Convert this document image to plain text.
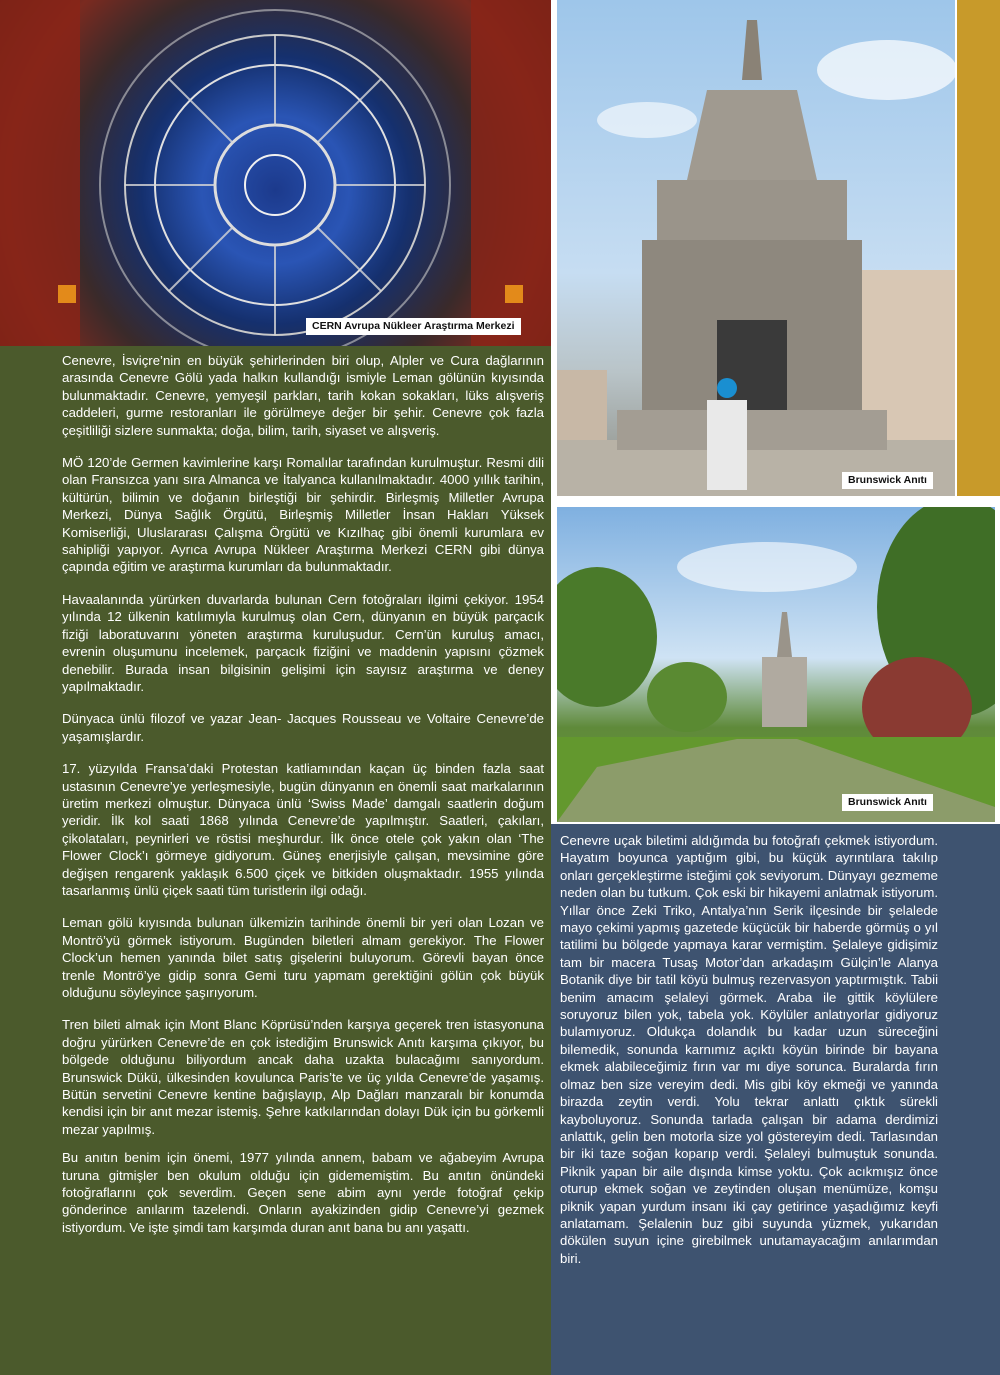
CERN Avrupa Nükleer Araştırma Merkezi
Brunswick Anıtı
Brunswick Anıtı

Cenevre, İsviçre’nin en büyük şehirlerinden biri olup, Alpler ve Cura dağlarının arasında Cenevre Gölü yada halkın kullandığı ismiyle Leman gölünün kıyısında bulunmaktadır. Cenevre, yemyeşil parkları, tarih kokan sokakları, lüks alışveriş caddeleri, gurme restoranları ile görülmeye değer bir şehir. Cenevre çok fazla çeşitliliği sizlere sunmakta; doğa, bilim, tarih, siyaset ve alışveriş.

MÖ 120’de Germen kavimlerine karşı Romalılar tarafından kurulmuştur. Resmi dili olan Fransızca yanı sıra Almanca ve İtalyanca kullanılmaktadır. 4000 yıllık tarihin, kültürün, bilimin ve doğanın birleştiği bir şehirdir. Birleşmiş Milletler Avrupa Merkezi, Dünya Sağlık Örgütü, Birleşmiş Milletler İnsan Hakları Yüksek Komiserliği, Uluslararası Çalışma Örgütü ve Kızılhaç gibi önemli kurumlara ev sahipliği yapıyor. Ayrıca Avrupa Nükleer Araştırma Merkezi CERN gibi dünya çapında eğitim ve araştırma kurumları da bulunmaktadır.

Havaalanında yürürken duvarlarda bulunan Cern fotoğraları ilgimi çekiyor. 1954 yılında 12 ülkenin katılımıyla kurulmuş olan Cern, dünyanın en büyük parçacık fiziği laboratuvarını yöneten araştırma kuruluşudur. Cern’ün kuruluş amacı, evrenin oluşumunu incelemek, parçacık fiziğini ve maddenin yapısını çözmek denebilir. Burada insan bilgisinin gelişimi için sayısız araştırma ve deney yapılmaktadır.

Dünyaca ünlü filozof ve yazar Jean- Jacques Rousseau ve Voltaire Cenevre’de yaşamışlardır.

17. yüzyılda Fransa’daki Protestan katliamından kaçan üç binden fazla saat ustasının Cenevre’ye yerleşmesiyle, bugün dünyanın en önemli saat markalarının üretim merkezi olmuştur. Dünyaca ünlü ‘Swiss Made’ damgalı saatlerin doğum yeridir. İlk kol saati 1868 yılında Cenevre’de yapılmıştır. Saatleri, çakıları, çikolataları, peynirleri ve röstisi meşhurdur. İlk önce otele çok yakın olan ‘The Flower Clock’ı görmeye gidiyorum. Güneş enerjisiyle çalışan, mevsimine göre değişen rengarenk yaklaşık 6.500 çiçek ve bitkiden oluşmaktadır. 1955 yılında tasarlanmış ünlü çiçek saati tüm turistlerin ilgi odağı.

Leman gölü kıyısında bulunan ülkemizin tarihinde önemli bir yeri olan Lozan ve Montrö’yü görmek istiyorum. Bugünden biletleri almam gerekiyor. The Flower Clock’un hemen yanında bilet satış gişelerini buluyorum. Görevli bayan önce trenle Montrö’ye gidip sonra Gemi turu yapmam gerektiğini gölün çok büyük olduğunu söyleyince şaşırıyorum.

Tren bileti almak için Mont Blanc Köprüsü’nden karşıya geçerek tren istasyonuna doğru yürürken Cenevre’de en çok istediğim Brunswick Anıtı karşıma çıkıyor, bu bölgede olduğunu biliyordum ancak daha uzakta bulacağımı sanıyordum. Brunswick Dükü, ülkesinden kovulunca Paris’te ve üç yılda Cenevre’de yaşamış. Bütün servetini Cenevre kentine bağışlayıp, Alp Dağları manzaralı bir konumda kendisi için bir anıt mezar istemiş. Şehre katkılarından dolayı Dük için bu görkemli mezar yapılmış.

Bu anıtın benim için önemi, 1977 yılında annem, babam ve ağabeyim Avrupa turuna gitmişler ben okulum olduğu için gidememiştim. Bu anıtın önündeki fotoğraflarını çok severdim. Geçen sene abim aynı yerde fotoğraf çekip gönderince anılarım tazelendi. Onların ayakizinden gidip Cenevre’yi gezmek istiyordum. Ve işte şimdi tam karşımda duran anıt bana bu anı yaşattı.

Cenevre uçak biletimi aldığımda bu fotoğrafı çekmek istiyordum. Hayatım boyunca yaptığım gibi, bu küçük ayrıntılara takılıp onları gerçekleştirme isteğimi çok seviyorum. Dünyayı gezmeme neden olan bu tutkum. Çok eski bir hikayemi anlatmak istiyorum. Yıllar önce Zeki Triko, Antalya’nın Serik ilçesinde bir şelalede mayo çekimi yapmış gazetede küçücük bir haberde görmüş o yıl tatilimi bu bölgede yapmaya karar vermiştim. Şelaleye gidişimiz tam bir macera Tusaş Motor’dan arkadaşım Gülçin’le Alanya Botanik diye bir tatil köyü bulmuş rezervasyon yaptırmıştık. Tabii benim amacım şelaleyi görmek. Araba ile gittik köylülere soruyoruz bilen yok, tabela yok. Köylüler anlatıyorlar gidiyoruz bulamıyoruz. Oldukça dolandık bu kadar uzun süreceğini bilemedik, sonunda karnımız açıktı köyün birinde bir bayana ekmek alabileceğimiz fırın var mı diye sorunca. Buralarda fırın olmaz ben size vereyim dedi. Mis gibi köy ekmeği ve yanında birazda zeytin verdi. Yolu tekrar anlattı çıktık sürekli kayboluyoruz. Sonunda tarlada çalışan bir adama derdimizi anlattık, gelin ben motorla size yol göstereyim dedi. Tarlasından bir iki taze soğan koparıp verdi. Şelaleyi bulmuştuk sonunda. Piknik yapan bir aile dışında kimse yoktu. Çok acıkmışız önce oturup ekmek soğan ve zeytinden oluşan menümüze, komşu piknik yapan yurdum insanı iki çay getirince yaşadığımız keyfi anlatamam. Şelalenin buz gibi suyunda yüzmek, yukarıdan dökülen suyun içine girebilmek unutamayacağım anılarımdan biri.
